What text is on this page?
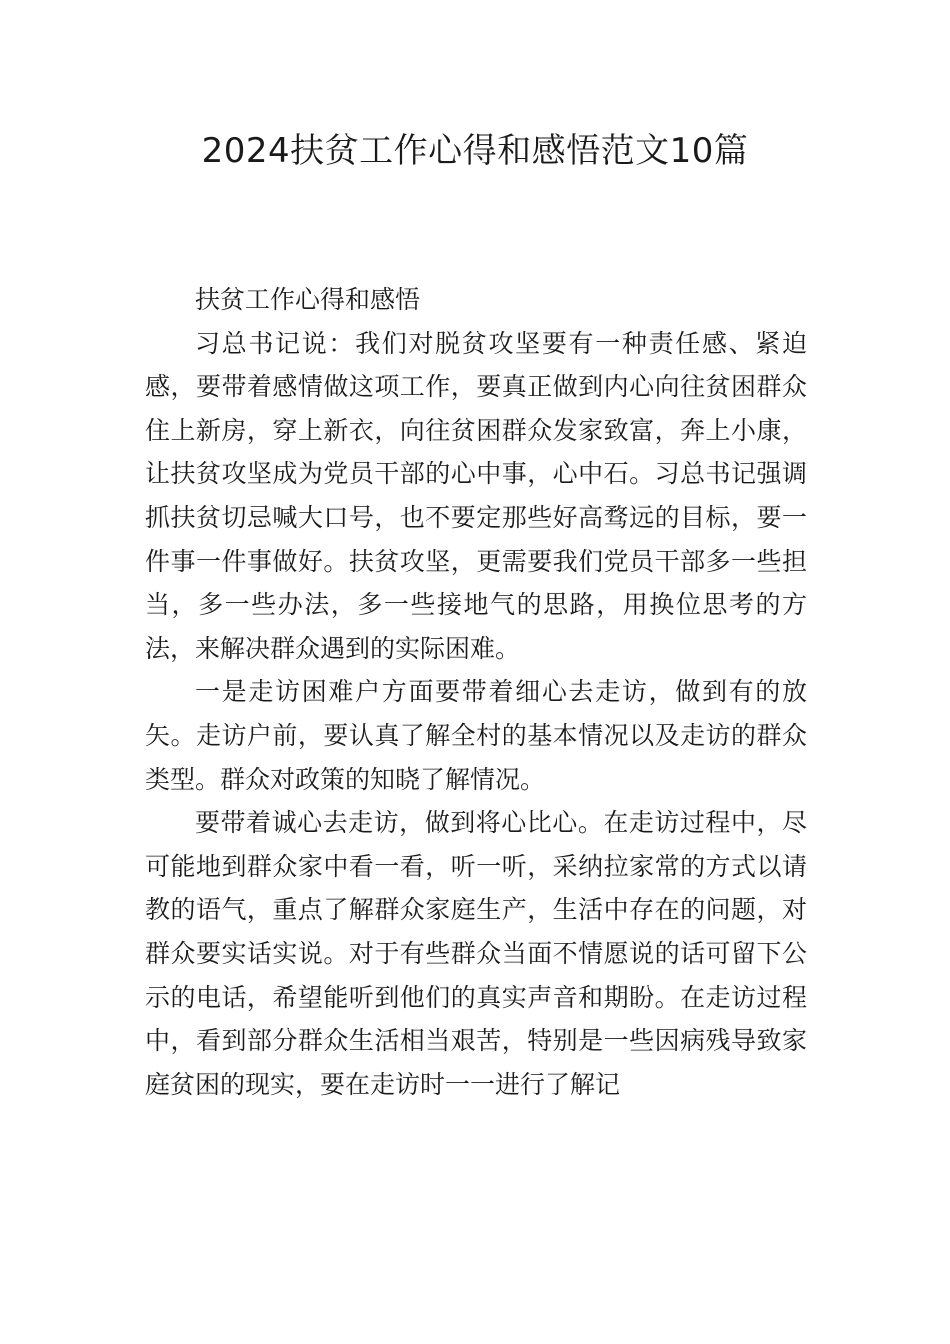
2024扶贫工作心得和感悟范文10篇

扶贫工作心得和感悟

习总书记说：我们对脱贫攻坚要有一种责任感、紧迫感，要带着感情做这项工作，要真正做到内心向往贫困群众住上新房，穿上新衣，向往贫困群众发家致富，奔上小康，让扶贫攻坚成为党员干部的心中事，心中石。习总书记强调抓扶贫切忌喊大口号，也不要定那些好高骛远的目标，要一件事一件事做好。扶贫攻坚，更需要我们党员干部多一些担当，多一些办法，多一些接地气的思路，用换位思考的方法，来解决群众遇到的实际困难。

一是走访困难户方面要带着细心去走访，做到有的放矢。走访户前，要认真了解全村的基本情况以及走访的群众类型。群众对政策的知晓了解情况。

要带着诚心去走访，做到将心比心。在走访过程中，尽可能地到群众家中看一看，听一听，采纳拉家常的方式以请教的语气，重点了解群众家庭生产，生活中存在的问题，对群众要实话实说。对于有些群众当面不情愿说的话可留下公示的电话，希望能听到他们的真实声音和期盼。在走访过程中，看到部分群众生活相当艰苦，特别是一些因病残导致家庭贫困的现实，要在走访时一一进行了解记
